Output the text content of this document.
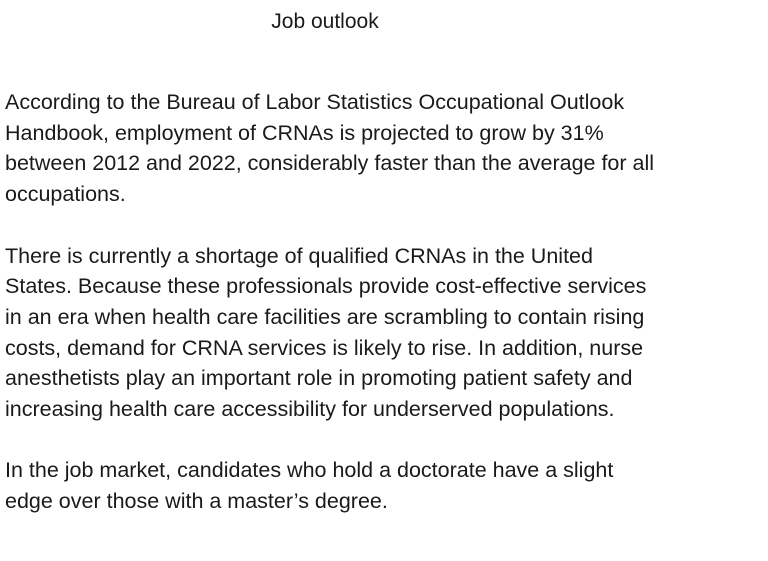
Job outlook

According to the Bureau of Labor Statistics Occupational Outlook
Handbook, employment of CRNAs is projected to grow by 31%
between 2012 and 2022, considerably faster than the average for all
occupations.

There is currently a shortage of qualified CRNAs in the United
States. Because these professionals provide cost-effective services
in an era when health care facilities are scrambling to contain rising
costs, demand for CRNA services is likely to rise. In addition, nurse
anesthetists play an important role in promoting patient safety and
increasing health care accessibility for underserved populations.

In the job market, candidates who hold a doctorate have a slight
edge over those with a master’s degree.
